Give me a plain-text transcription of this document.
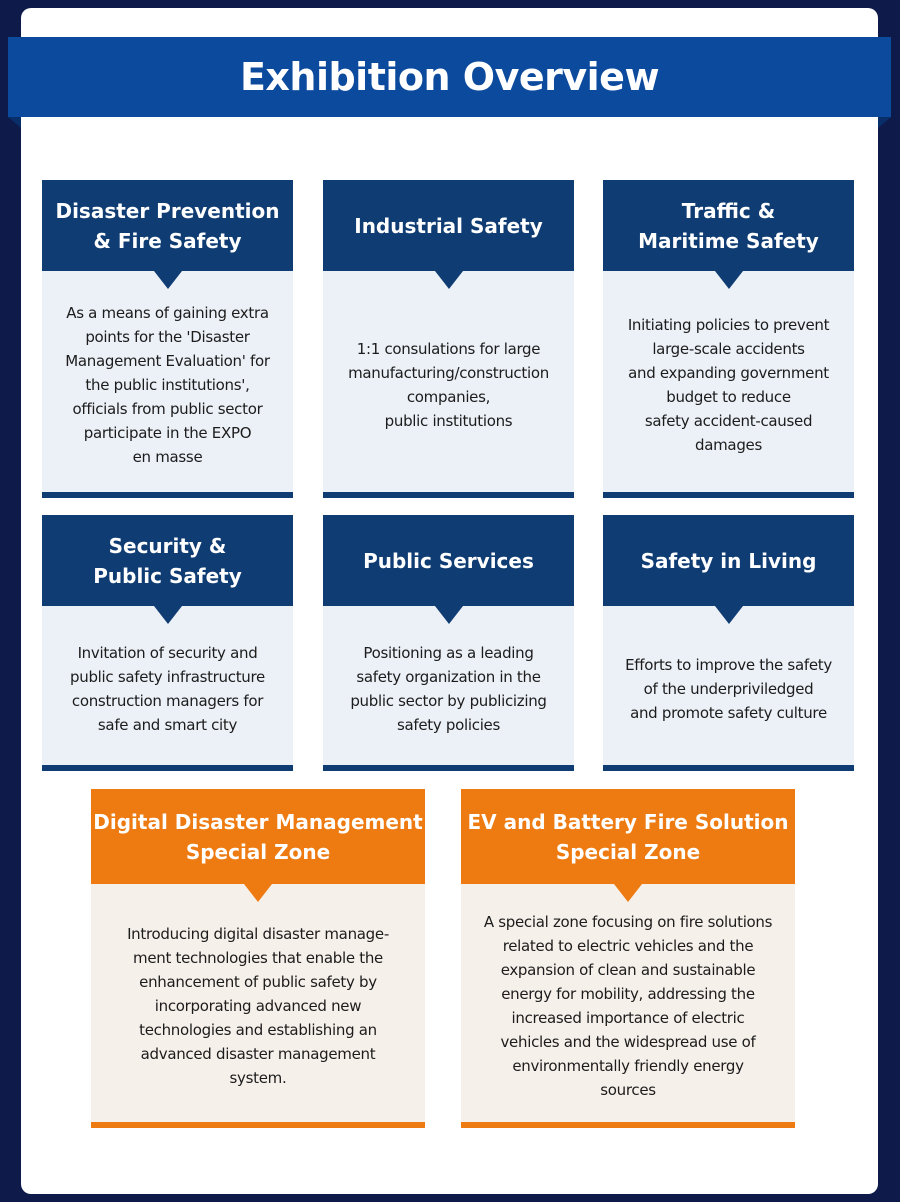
Exhibition Overview
Disaster Prevention
& Fire Safety
As a means of gaining extra
points for the 'Disaster
Management Evaluation' for
the public institutions',
officials from public sector
participate in the EXPO
en masse
Industrial Safety
1:1 consulations for large
manufacturing/construction
companies,
public institutions
Traffic &
Maritime Safety
Initiating policies to prevent
large-scale accidents
and expanding government
budget to reduce
safety accident-caused
damages
Security &
Public Safety
Invitation of security and
public safety infrastructure
construction managers for
safe and smart city
Public Services
Positioning as a leading
safety organization in the
public sector by publicizing
safety policies
Safety in Living
Efforts to improve the safety
of the underpriviledged
and promote safety culture
Digital Disaster Management
Special Zone
Introducing digital disaster manage-
ment technologies that enable the
enhancement of public safety by
incorporating advanced new
technologies and establishing an
advanced disaster management
system.
EV and Battery Fire Solution
Special Zone
A special zone focusing on fire solutions
related to electric vehicles and the
expansion of clean and sustainable
energy for mobility, addressing the
increased importance of electric
vehicles and the widespread use of
environmentally friendly energy
sources
